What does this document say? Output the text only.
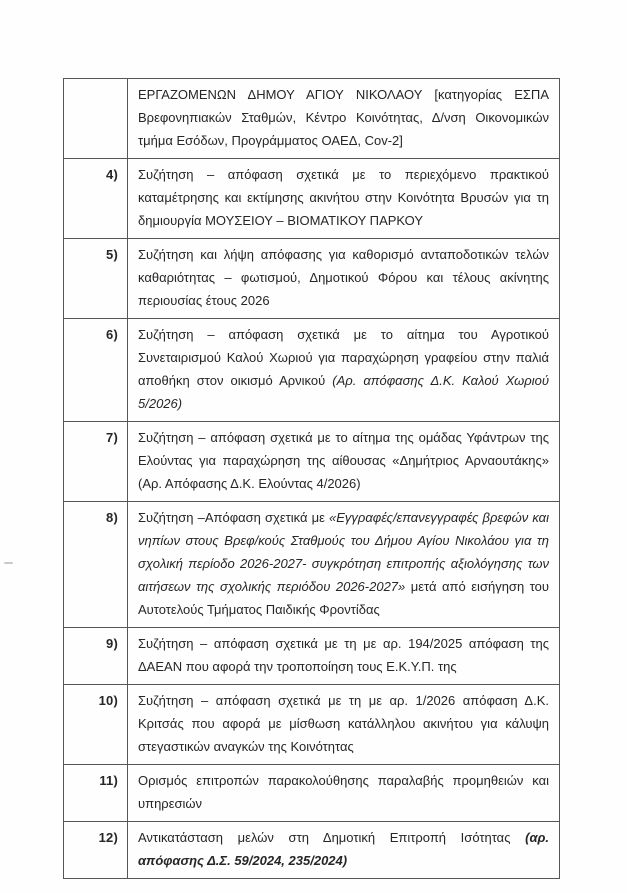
	ΕΡΓΑΖΟΜΕΝΩΝ ΔΗΜΟΥ ΑΓΙΟΥ ΝΙΚΟΛΑΟΥ [κατηγορίας ΕΣΠΑ Βρεφονηπιακών Σταθμών, Κέντρο Κοινότητας, Δ/νση Οικονομικών τμήμα Εσόδων, Προγράμματος ΟΑΕΔ, Cov-2]
4)	Συζήτηση – απόφαση σχετικά με το περιεχόμενο πρακτικού καταμέτρησης και εκτίμησης ακινήτου στην Κοινότητα Βρυσών για τη δημιουργία ΜΟΥΣΕΙΟΥ – ΒΙΟΜΑΤΙΚΟΥ ΠΑΡΚΟΥ
5)	Συζήτηση και λήψη απόφασης για καθορισμό ανταποδοτικών τελών καθαριότητας – φωτισμού, Δημοτικού Φόρου και τέλους ακίνητης περιουσίας έτους 2026
6)	Συζήτηση – απόφαση σχετικά με το αίτημα του Αγροτικού Συνεταιρισμού Καλού Χωριού για παραχώρηση γραφείου στην παλιά αποθήκη στον οικισμό Αρνικού (Αρ. απόφασης Δ.Κ. Καλού Χωριού 5/2026)
7)	Συζήτηση – απόφαση σχετικά με το αίτημα της ομάδας Υφάντρων της Ελούντας για παραχώρηση της αίθουσας «Δημήτριος Αρναουτάκης» (Αρ. Απόφασης Δ.Κ. Ελούντας 4/2026)
8)	Συζήτηση –Απόφαση σχετικά με «Εγγραφές/επανεγγραφές βρεφών και νηπίων στους Βρεφ/κούς Σταθμούς του Δήμου Αγίου Νικολάου για τη σχολική περίοδο 2026-2027- συγκρότηση επιτροπής αξιολόγησης των αιτήσεων της σχολικής περιόδου 2026-2027» μετά από εισήγηση του Αυτοτελούς Τμήματος Παιδικής Φροντίδας
9)	Συζήτηση – απόφαση σχετικά με τη με αρ. 194/2025 απόφαση της ΔΑΕΑΝ που αφορά την τροποποίηση τους Ε.Κ.Υ.Π. της
10)	Συζήτηση – απόφαση σχετικά με τη με αρ. 1/2026 απόφαση Δ.Κ. Κριτσάς που αφορά με μίσθωση κατάλληλου ακινήτου για κάλυψη στεγαστικών αναγκών της Κοινότητας
11)	Ορισμός επιτροπών παρακολούθησης παραλαβής προμηθειών και υπηρεσιών
12)	Αντικατάσταση μελών στη Δημοτική Επιτροπή Ισότητας (αρ. απόφασης Δ.Σ. 59/2024, 235/2024)
